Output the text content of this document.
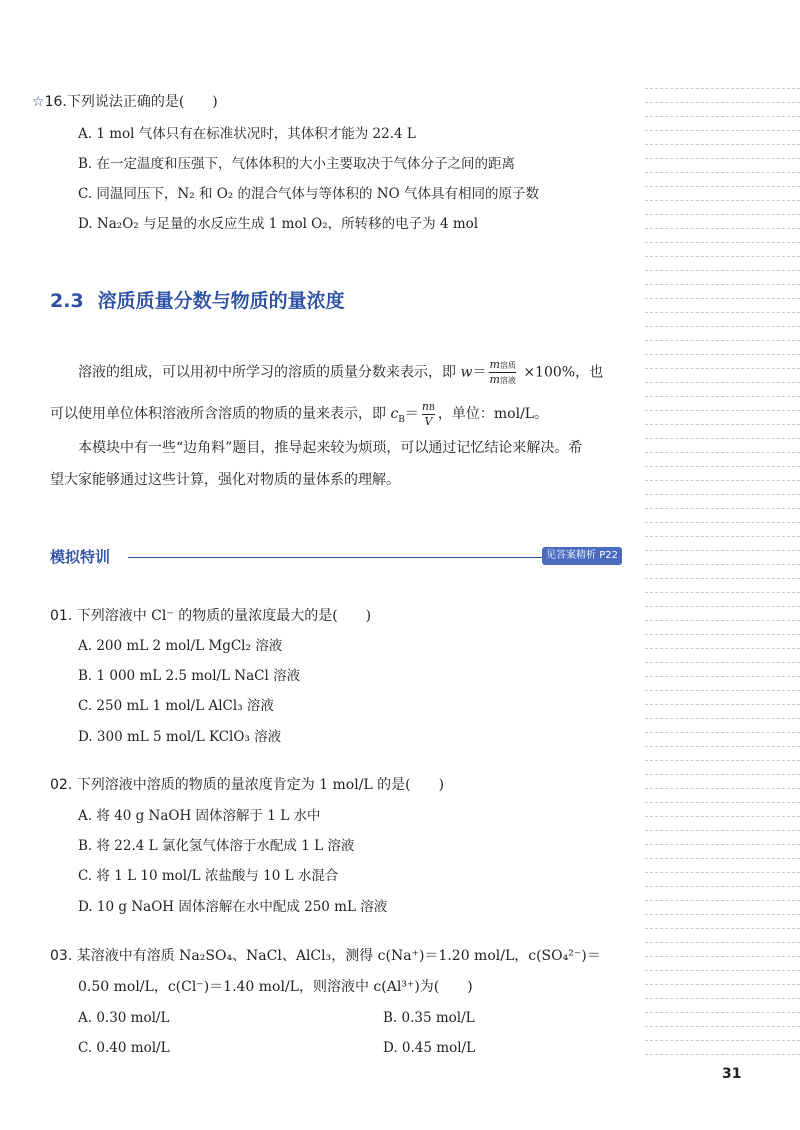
☆16.下列说法正确的是(　　)
A. 1 mol 气体只有在标准状况时，其体积才能为 22.4 L
B. 在一定温度和压强下，气体体积的大小主要取决于气体分子之间的距离
C. 同温同压下，N₂ 和 O₂ 的混合气体与等体积的 NO 气体具有相同的原子数
D. Na₂O₂ 与足量的水反应生成 1 mol O₂，所转移的电子为 4 mol
2.3 溶质质量分数与物质的量浓度
溶液的组成，可以用初中所学习的溶质的质量分数来表示，即 $w= \frac{\text{m溶质}}{\text{m溶液}} \times 100\%$，也
可以使用单位体积溶液所含溶质的物质的量来表示，即 $c_B= \frac{nB}{V}$ ，单位：mol/L。
本模块中有一些“边角料”题目，推导起来较为烦琐，可以通过记忆结论来解决。希
望大家能够通过这些计算，强化对物质的量体系的理解。
模拟特训	见答案精析 P22
01. 下列溶液中 Cl⁻ 的物质的量浓度最大的是(　　)
A. 200 mL 2 mol/L MgCl₂ 溶液
B. 1 000 mL 2.5 mol/L NaCl 溶液
C. 250 mL 1 mol/L AlCl₃ 溶液
D. 300 mL 5 mol/L KClO₃ 溶液
02. 下列溶液中溶质的物质的量浓度肯定为 1 mol/L 的是(　　)
A. 将 40 g NaOH 固体溶解于 1 L 水中
B. 将 22.4 L 氯化氢气体溶于水配成 1 L 溶液
C. 将 1 L 10 mol/L 浓盐酸与 10 L 水混合
D. 10 g NaOH 固体溶解在水中配成 250 mL 溶液
03. 某溶液中有溶质 Na₂SO₄、NaCl、AlCl₃，测得 c(Na⁺)＝1.20 mol/L，c(SO₄²⁻)＝
0.50 mol/L，c(Cl⁻)＝1.40 mol/L，则溶液中 c(Al³⁺)为(　　)
A. 0.30 mol/L	B. 0.35 mol/L
C. 0.40 mol/L	D. 0.45 mol/L
31
